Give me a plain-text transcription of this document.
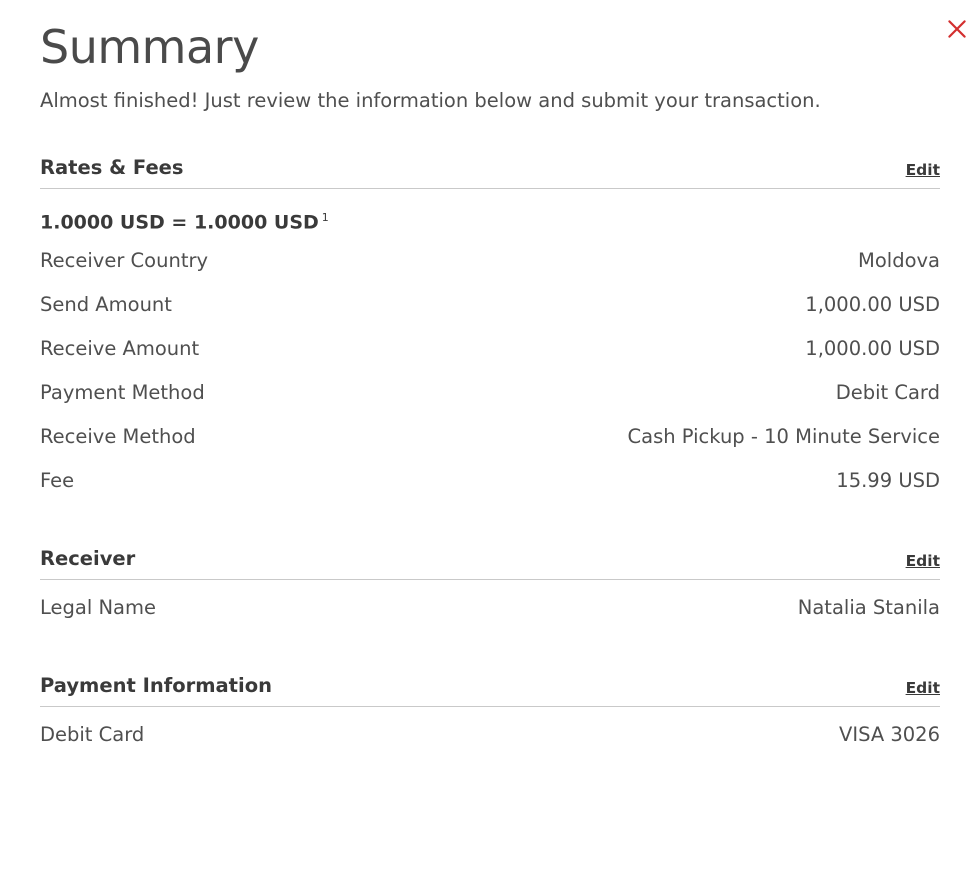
Summary

Almost finished! Just review the information below and submit your transaction.

Rates & Fees	Edit
1.0000 USD = 1.0000 USD $^1$
Receiver Country	Moldova
Send Amount	1,000.00 USD
Receive Amount	1,000.00 USD
Payment Method	Debit Card
Receive Method	Cash Pickup - 10 Minute Service
Fee	15.99 USD
Receiver	Edit
Legal Name	Natalia Stanila
Payment Information	Edit
Debit Card	VISA 3026
